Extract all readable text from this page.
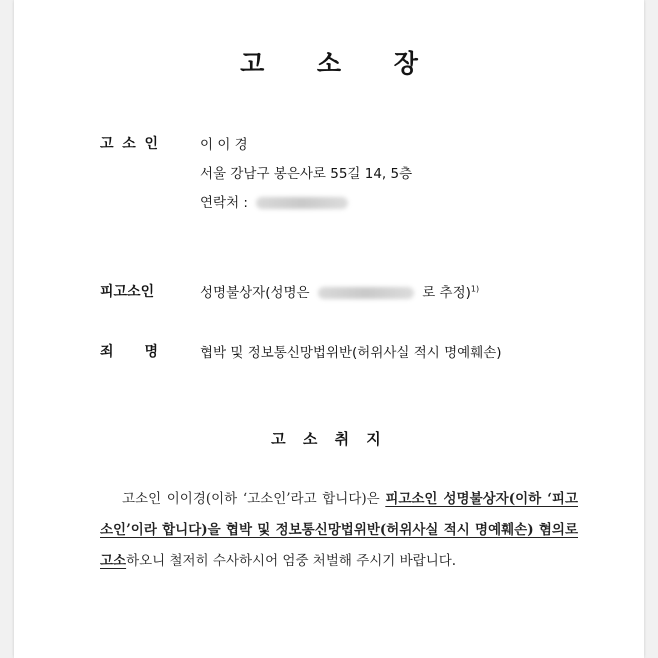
고 소 장
고 소 인	이 이 경
서울 강남구 봉은사로 55길 14, 5층
연락처 :
피고소인	성명불상자(성명은	로 추정)$^{1)}$
죄 명	협박 및 정보통신망법위반(허위사실 적시 명예훼손)
고 소 취 지
고소인 이이경(이하 ‘고소인’라고 합니다)은 피고소인 성명불상자(이하 ‘피고소인’이라 합니다)을 협박 및 정보통신망법위반(허위사실 적시 명예훼손) 혐의로 고소하오니 철저히 수사하시어 엄중 처벌해 주시기 바랍니다.
